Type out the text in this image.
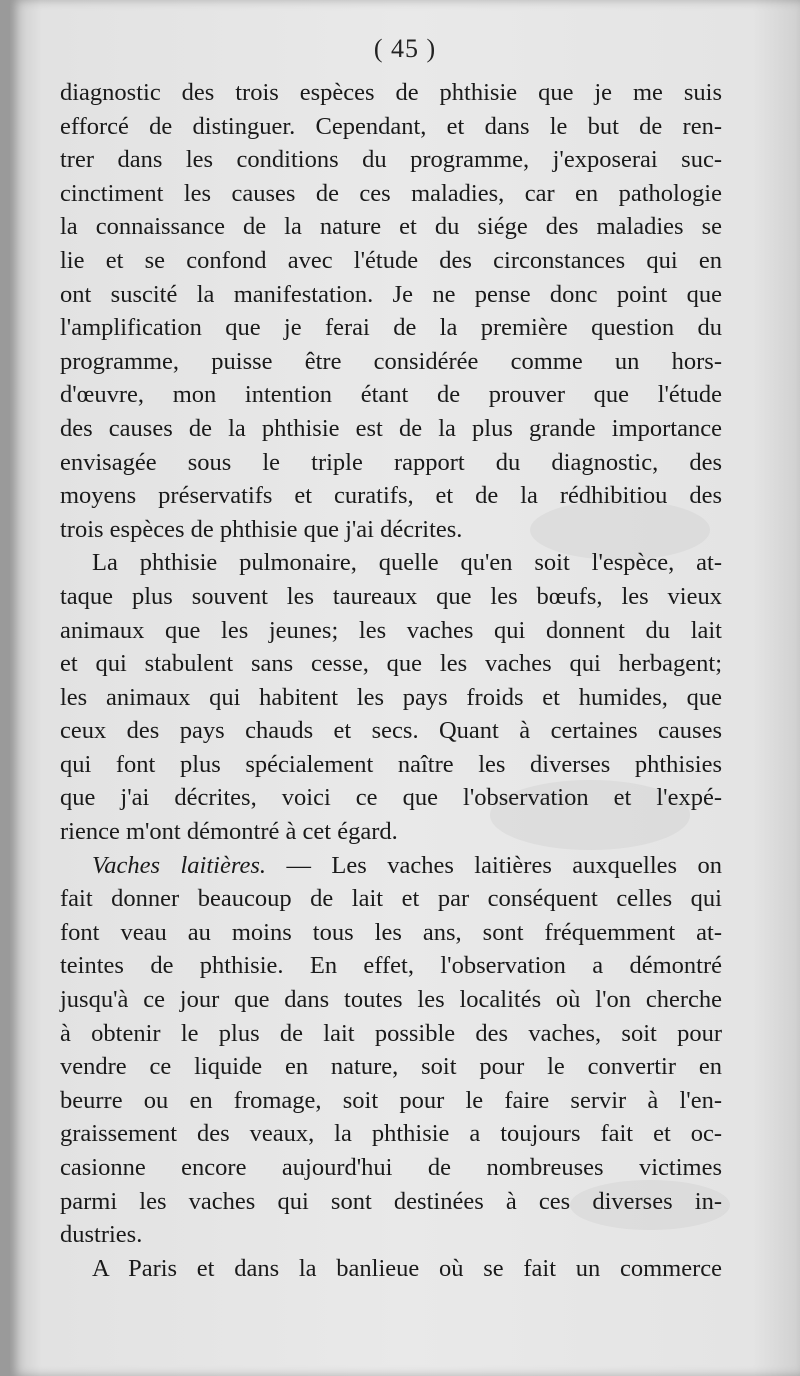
( 45 )
diagnostic des trois espèces de phthisie que je me suis
efforcé de distinguer. Cependant, et dans le but de ren-
trer dans les conditions du programme, j'exposerai suc-
cinctiment les causes de ces maladies, car en pathologie
la connaissance de la nature et du siége des maladies se
lie et se confond avec l'étude des circonstances qui en
ont suscité la manifestation. Je ne pense donc point que
l'amplification que je ferai de la première question du
programme, puisse être considérée comme un hors-
d'œuvre, mon intention étant de prouver que l'étude
des causes de la phthisie est de la plus grande importance
envisagée sous le triple rapport du diagnostic, des
moyens préservatifs et curatifs, et de la rédhibitiou des
trois espèces de phthisie que j'ai décrites.
La phthisie pulmonaire, quelle qu'en soit l'espèce, at-
taque plus souvent les taureaux que les bœufs, les vieux
animaux que les jeunes; les vaches qui donnent du lait
et qui stabulent sans cesse, que les vaches qui herbagent;
les animaux qui habitent les pays froids et humides, que
ceux des pays chauds et secs. Quant à certaines causes
qui font plus spécialement naître les diverses phthisies
que j'ai décrites, voici ce que l'observation et l'expé-
rience m'ont démontré à cet égard.
Vaches laitières. — Les vaches laitières auxquelles on
fait donner beaucoup de lait et par conséquent celles qui
font veau au moins tous les ans, sont fréquemment at-
teintes de phthisie. En effet, l'observation a démontré
jusqu'à ce jour que dans toutes les localités où l'on cherche
à obtenir le plus de lait possible des vaches, soit pour
vendre ce liquide en nature, soit pour le convertir en
beurre ou en fromage, soit pour le faire servir à l'en-
graissement des veaux, la phthisie a toujours fait et oc-
casionne encore aujourd'hui de nombreuses victimes
parmi les vaches qui sont destinées à ces diverses in-
dustries.
A Paris et dans la banlieue où se fait un commerce
